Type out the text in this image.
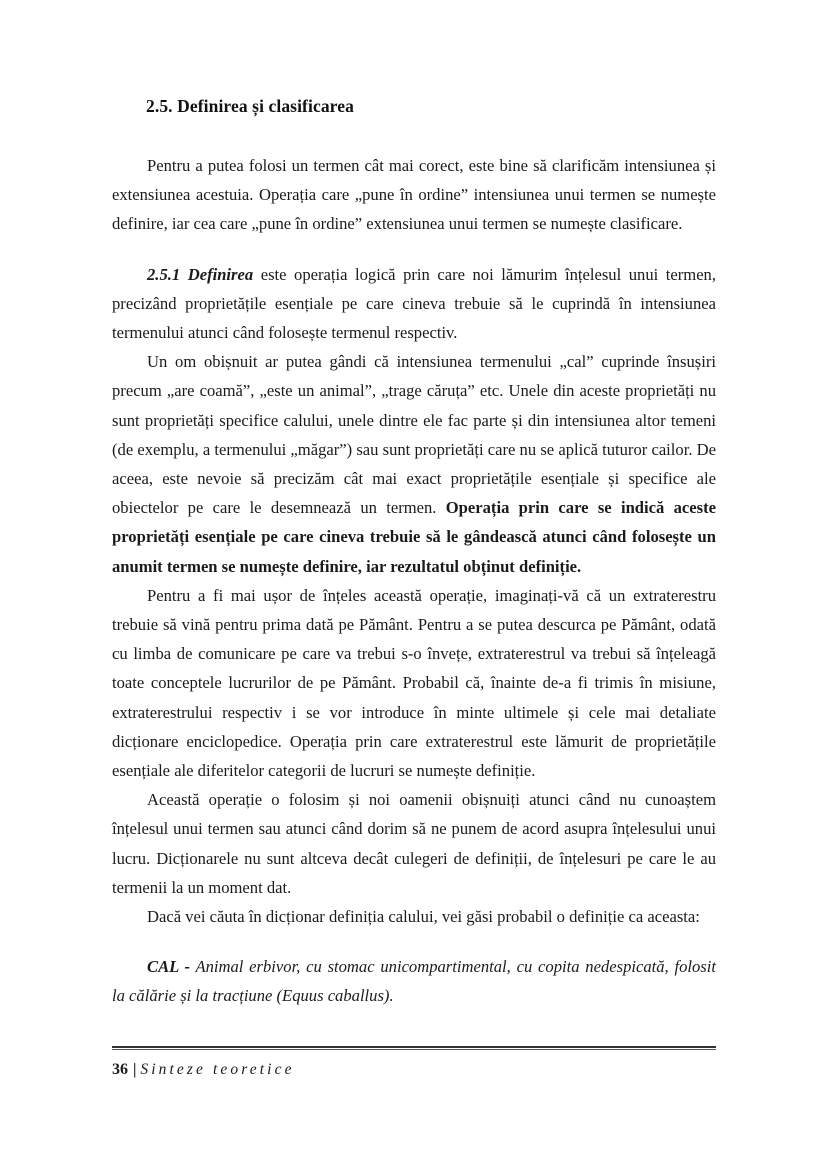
2.5. Definirea și clasificarea

Pentru a putea folosi un termen cât mai corect, este bine să clarificăm intensiunea și extensiunea acestuia. Operația care „pune în ordine” intensiunea unui termen se numește definire, iar cea care „pune în ordine” extensiunea unui termen se numește clasificare.

2.5.1 Definirea este operația logică prin care noi lămurim înțelesul unui termen, precizând proprietățile esențiale pe care cineva trebuie să le cuprindă în intensiunea termenului atunci când folosește termenul respectiv.

Un om obișnuit ar putea gândi că intensiunea termenului „cal” cuprinde însușiri precum „are coamă”, „este un animal”, „trage căruța” etc. Unele din aceste proprietăți nu sunt proprietăți specifice calului, unele dintre ele fac parte și din intensiunea altor temeni (de exemplu, a termenului „măgar”) sau sunt proprietăți care nu se aplică tuturor cailor. De aceea, este nevoie să precizăm cât mai exact proprietățile esențiale și specifice ale obiectelor pe care le desemnează un termen. Operația prin care se indică aceste proprietăți esențiale pe care cineva trebuie să le gândească atunci când folosește un anumit termen se numește definire, iar rezultatul obținut definiție.

Pentru a fi mai ușor de înțeles această operație, imaginați-vă că un extraterestru trebuie să vină pentru prima dată pe Pământ. Pentru a se putea descurca pe Pământ, odată cu limba de comunicare pe care va trebui s-o învețe, extraterestrul va trebui să înțeleagă toate conceptele lucrurilor de pe Pământ. Probabil că, înainte de-a fi trimis în misiune, extraterestrului respectiv i se vor introduce în minte ultimele și cele mai detaliate dicționare enciclopedice. Operația prin care extraterestrul este lămurit de proprietățile esențiale ale diferitelor categorii de lucruri se numește definiție.

Această operație o folosim și noi oamenii obișnuiți atunci când nu cunoaștem înțelesul unui termen sau atunci când dorim să ne punem de acord asupra înțelesului unui lucru. Dicționarele nu sunt altceva decât culegeri de definiții, de înțelesuri pe care le au termenii la un moment dat.

Dacă vei căuta în dicționar definiția calului, vei găsi probabil o definiție ca aceasta:

CAL - Animal erbivor, cu stomac unicompartimental, cu copita nedespicată, folosit la călărie și la tracțiune (Equus caballus).

36 | Sinteze teoretice
